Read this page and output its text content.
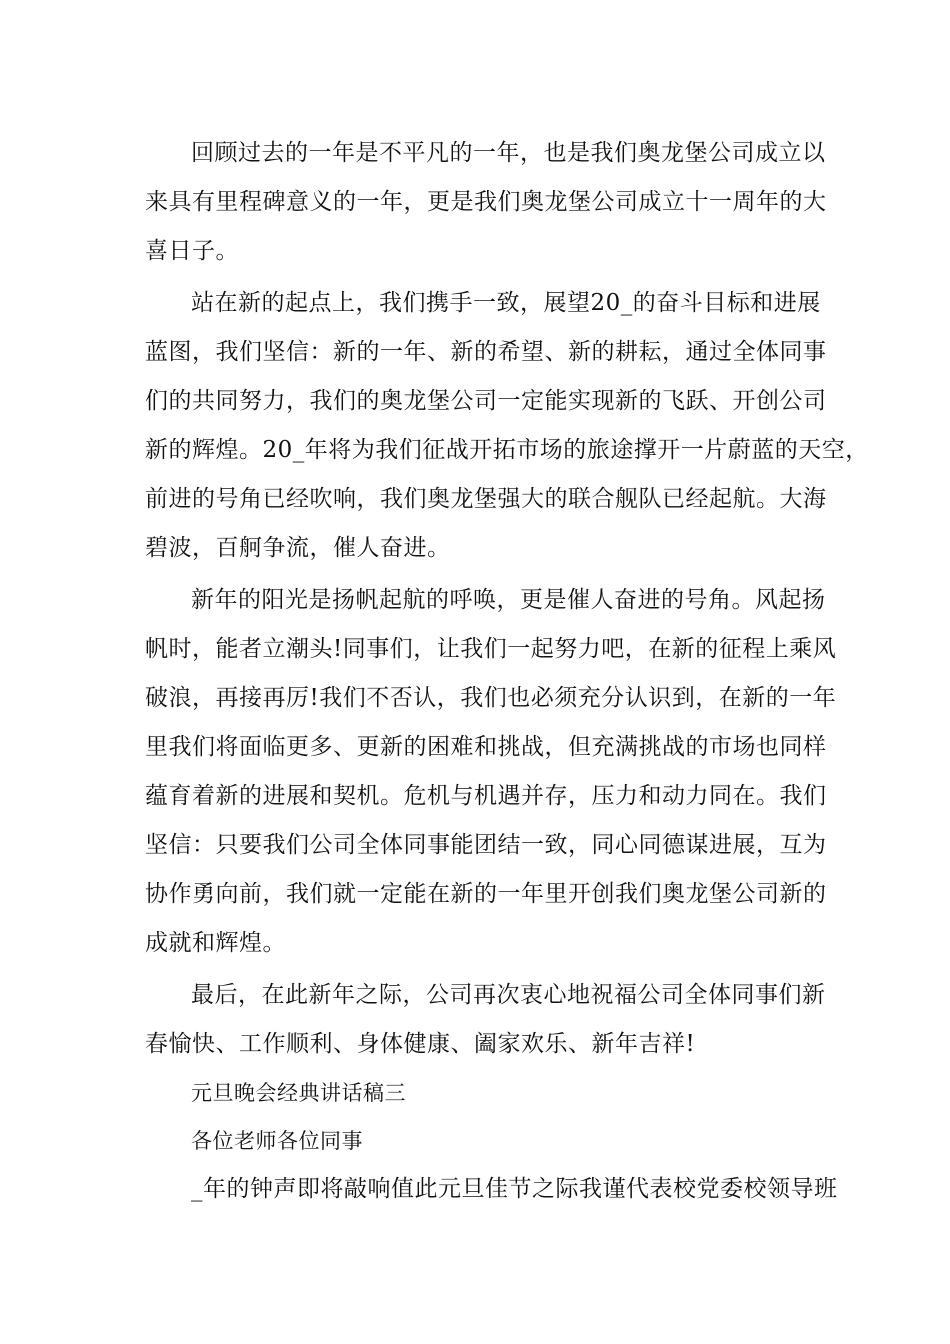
回顾过去的一年是不平凡的一年，也是我们奥龙堡公司成立以
来具有里程碑意义的一年，更是我们奥龙堡公司成立十一周年的大
喜日子。
站在新的起点上，我们携手一致，展望20_的奋斗目标和进展
蓝图，我们坚信：新的一年、新的希望、新的耕耘，通过全体同事
们的共同努力，我们的奥龙堡公司一定能实现新的飞跃、开创公司
新的辉煌。20_年将为我们征战开拓市场的旅途撑开一片蔚蓝的天空，
前进的号角已经吹响，我们奥龙堡强大的联合舰队已经起航。大海
碧波，百舸争流，催人奋进。
新年的阳光是扬帆起航的呼唤，更是催人奋进的号角。风起扬
帆时，能者立潮头!同事们，让我们一起努力吧，在新的征程上乘风
破浪，再接再厉!我们不否认，我们也必须充分认识到，在新的一年
里我们将面临更多、更新的困难和挑战，但充满挑战的市场也同样
蕴育着新的进展和契机。危机与机遇并存，压力和动力同在。我们
坚信：只要我们公司全体同事能团结一致，同心同德谋进展，互为
协作勇向前，我们就一定能在新的一年里开创我们奥龙堡公司新的
成就和辉煌。
最后，在此新年之际，公司再次衷心地祝福公司全体同事们新
春愉快、工作顺利、身体健康、阖家欢乐、新年吉祥!
元旦晚会经典讲话稿三
各位老师各位同事
_年的钟声即将敲响值此元旦佳节之际我谨代表校党委校领导班
